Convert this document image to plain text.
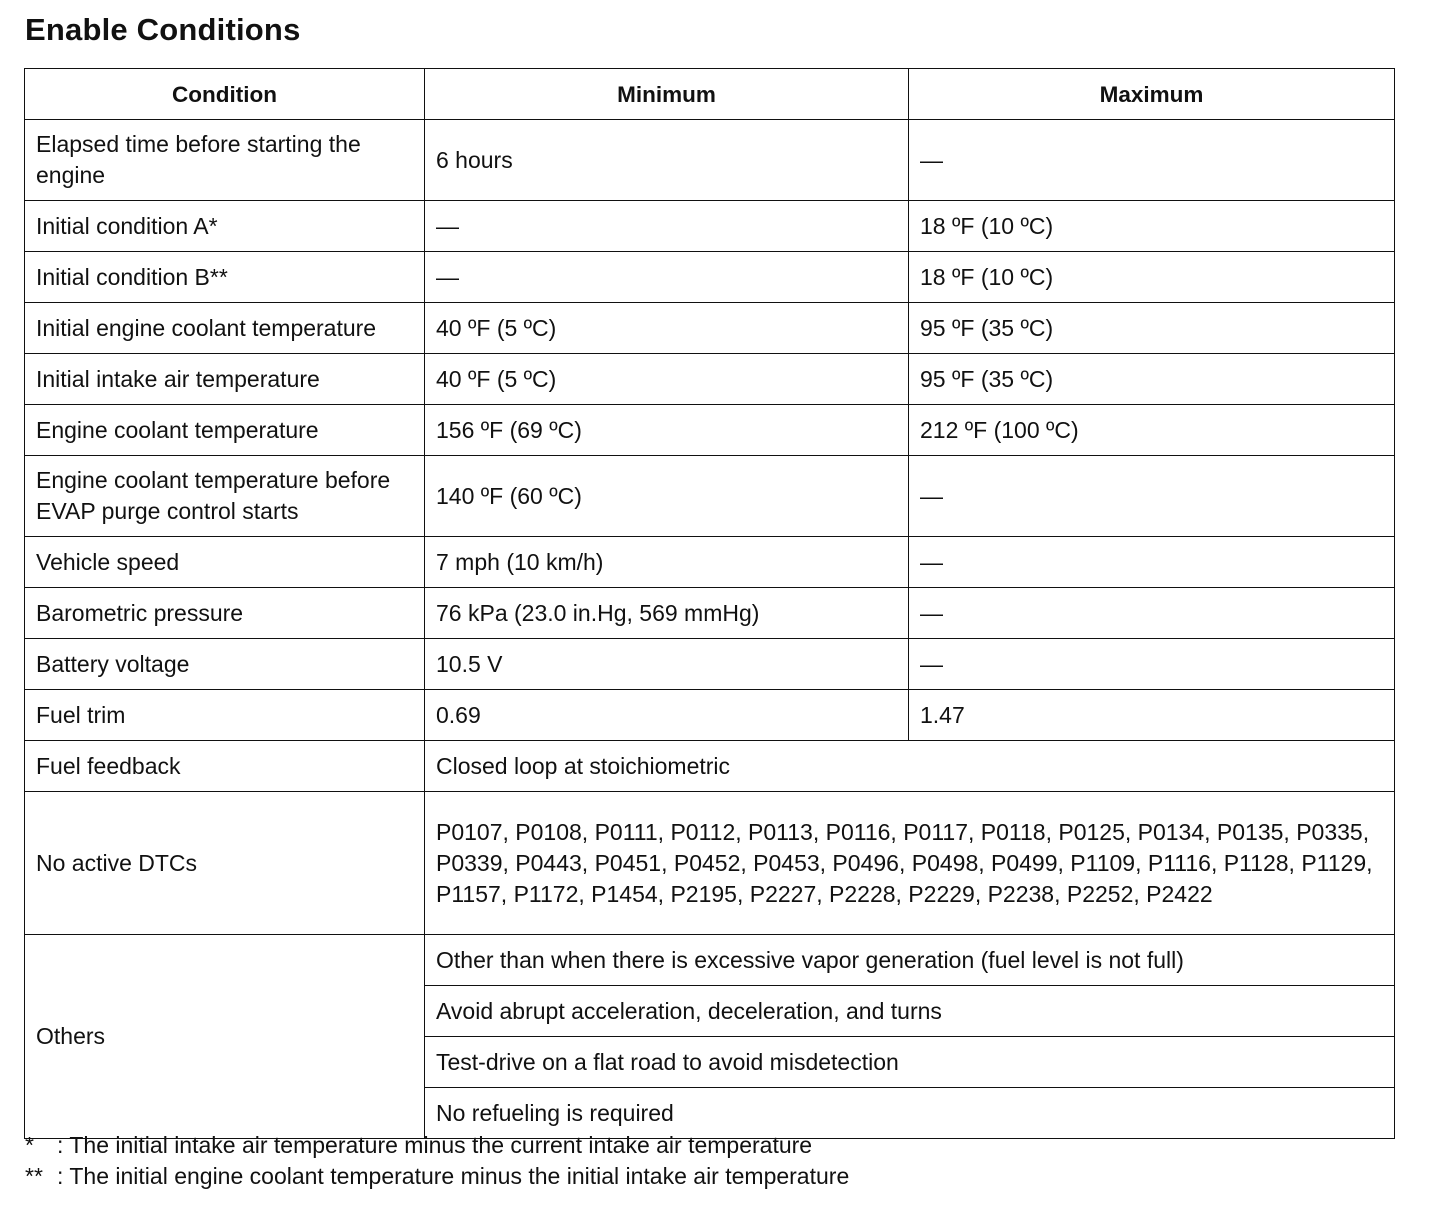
Enable Conditions
Condition	Minimum	Maximum
Elapsed time before starting the engine	6 hours	—
Initial condition A*	—	18 ºF (10 ºC)
Initial condition B**	—	18 ºF (10 ºC)
Initial engine coolant temperature	40 ºF (5 ºC)	95 ºF (35 ºC)
Initial intake air temperature	40 ºF (5 ºC)	95 ºF (35 ºC)
Engine coolant temperature	156 ºF (69 ºC)	212 ºF (100 ºC)
Engine coolant temperature before EVAP purge control starts	140 ºF (60 ºC)	—
Vehicle speed	7 mph (10 km/h)	—
Barometric pressure	76 kPa (23.0 in.Hg, 569 mmHg)	—
Battery voltage	10.5 V	—
Fuel trim	0.69	1.47
Fuel feedback	Closed loop at stoichiometric	
No active DTCs	P0107, P0108, P0111, P0112, P0113, P0116, P0117, P0118, P0125, P0134, P0135, P0335, P0339, P0443, P0451, P0452, P0453, P0496, P0498, P0499, P1109, P1116, P1128, P1129, P1157, P1172, P1454, P2195, P2227, P2228, P2229, P2238, P2252, P2422	
Others	Other than when there is excessive vapor generation (fuel level is not full)	
	Avoid abrupt acceleration, deceleration, and turns	
	Test-drive on a flat road to avoid misdetection	
	No refueling is required	
* : The initial intake air temperature minus the current intake air temperature
** : The initial engine coolant temperature minus the initial intake air temperature
